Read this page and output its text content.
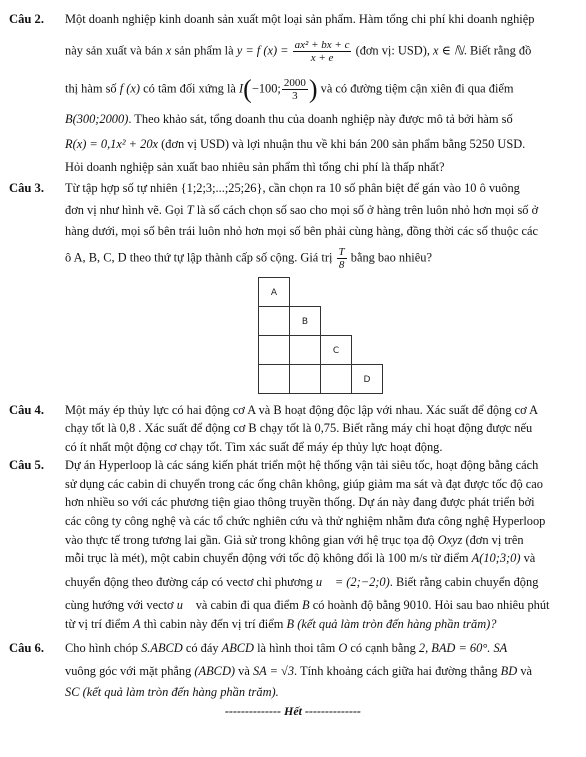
Câu 2. Một doanh nghiệp kinh doanh sản xuất một loại sản phẩm. Hàm tổng chi phí khi doanh nghiệp
này sản xuất và bán x sản phẩm là y = f $(x) = \frac{\text{ax² + bx + c}}{x + e}$ (đơn vị: USD), x ∈ ℕ. Biết rằng đồ
thị hàm số f (x) có tâm đối xứng là I(−100; $\frac{2000}{3}$ ) và có đường tiệm cận xiên đi qua điểm
B(300;2000). Theo khảo sát, tổng doanh thu của doanh nghiệp này được mô tả bởi hàm số
R(x) = 0,1x² + 20x (đơn vị USD) và lợi nhuận thu về khi bán 200 sản phẩm bằng 5250 USD.
Hỏi doanh nghiệp sản xuất bao nhiêu sản phẩm thì tổng chi phí là thấp nhất?
Câu 3. Từ tập hợp số tự nhiên {1;2;3;...;25;26}, cần chọn ra 10 số phân biệt để gán vào 10 ô vuông
đơn vị như hình vẽ. Gọi T là số cách chọn số sao cho mọi số ở hàng trên luôn nhỏ hơn mọi số ở
hàng dưới, mọi số bên trái luôn nhỏ hơn mọi số bên phải cùng hàng, đồng thời các số thuộc các
ô A, B, C, D theo thứ tự lập thành cấp số cộng. Giá trị $\frac{T}{8}$ bằng bao nhiêu?
A
B
C
D
Câu 4. Một máy ép thủy lực có hai động cơ A và B hoạt động độc lập với nhau. Xác suất để động cơ A
chạy tốt là 0,8 . Xác suất để động cơ B chạy tốt là 0,75. Biết rằng máy chỉ hoạt động được nếu
có ít nhất một động cơ chạy tốt. Tìm xác suất để máy ép thủy lực hoạt động.
Câu 5. Dự án Hyperloop là các sáng kiến phát triển một hệ thống vận tải siêu tốc, hoạt động bằng cách
sử dụng các cabin di chuyển trong các ống chân không, giúp giảm ma sát và đạt được tốc độ cao
hơn nhiều so với các phương tiện giao thông truyền thống. Dự án này đang được phát triển bởi
các công ty công nghệ và các tổ chức nghiên cứu và thử nghiệm nhằm đưa công nghệ Hyperloop
vào thực tế trong tương lai gần. Giả sử trong không gian với hệ trục tọa độ Oxyz (đơn vị trên
mỗi trục là mét), một cabin chuyển động với tốc độ không đổi là 100 m/s từ điểm A(10;3;0) và
chuyển động theo đường cáp có vectơ chỉ phương u⃗ = (2;−2;0). Biết rằng cabin chuyển động
cùng hướng với vectơ u⃗ và cabin đi qua điểm B có hoành độ bằng 9010. Hỏi sau bao nhiêu phút
từ vị trí điểm A thì cabin này đến vị trí điểm B (kết quả làm tròn đến hàng phần trăm)?
Câu 6. Cho hình chóp S.ABCD có đáy ABCD là hình thoi tâm O có cạnh bằng 2, BAD = 60°. SA
vuông góc với mặt phẳng (ABCD) và SA = √3. Tính khoảng cách giữa hai đường thẳng BD và
SC (kết quả làm tròn đến hàng phần trăm).
-------------- Hết --------------
